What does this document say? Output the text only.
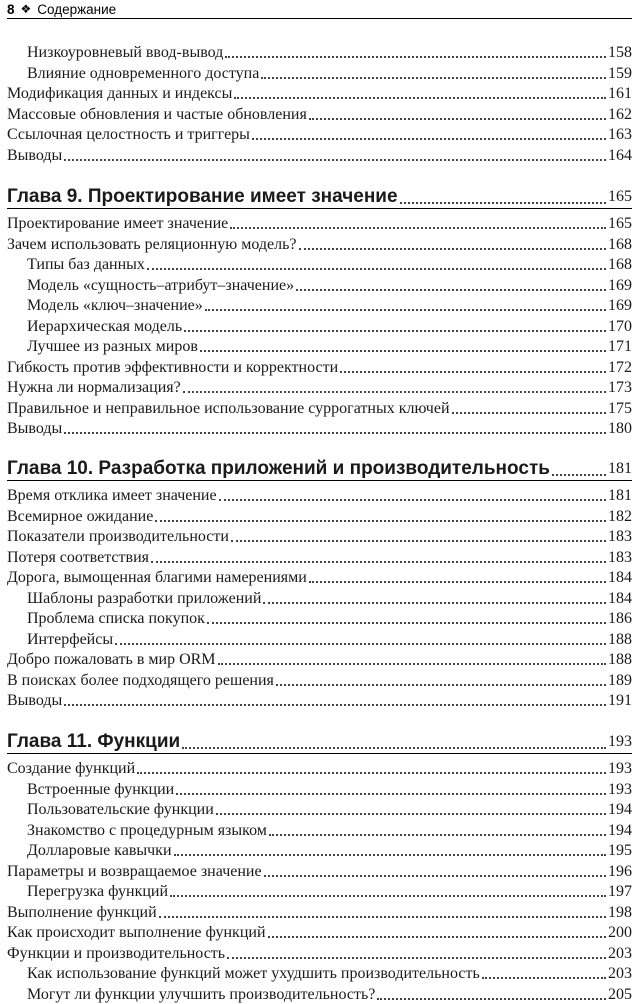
8 ❖ Содержание
Низкоуровневый ввод-вывод	158
Влияние одновременного доступа	159
Модификация данных и индексы	161
Массовые обновления и частые обновления	162
Ссылочная целостность и триггеры	163
Выводы	164
Глава 9. Проектирование имеет значение	165
Проектирование имеет значение	165
Зачем использовать реляционную модель?	168
Типы баз данных	168
Модель «сущность–атрибут–значение»	169
Модель «ключ–значение»	169
Иерархическая модель	170
Лучшее из разных миров	171
Гибкость против эффективности и корректности	172
Нужна ли нормализация?	173
Правильное и неправильное использование суррогатных ключей	175
Выводы	180
Глава 10. Разработка приложений и производительность	181
Время отклика имеет значение	181
Всемирное ожидание	182
Показатели производительности	183
Потеря соответствия	183
Дорога, вымощенная благими намерениями	184
Шаблоны разработки приложений	184
Проблема списка покупок	186
Интерфейсы	188
Добро пожаловать в мир ORM	188
В поисках более подходящего решения	189
Выводы	191
Глава 11. Функции	193
Создание функций	193
Встроенные функции	193
Пользовательские функции	194
Знакомство с процедурным языком	194
Долларовые кавычки	195
Параметры и возвращаемое значение	196
Перегрузка функций	197
Выполнение функций	198
Как происходит выполнение функций	200
Функции и производительность	203
Как использование функций может ухудшить производительность	203
Могут ли функции улучшить производительность?	205
